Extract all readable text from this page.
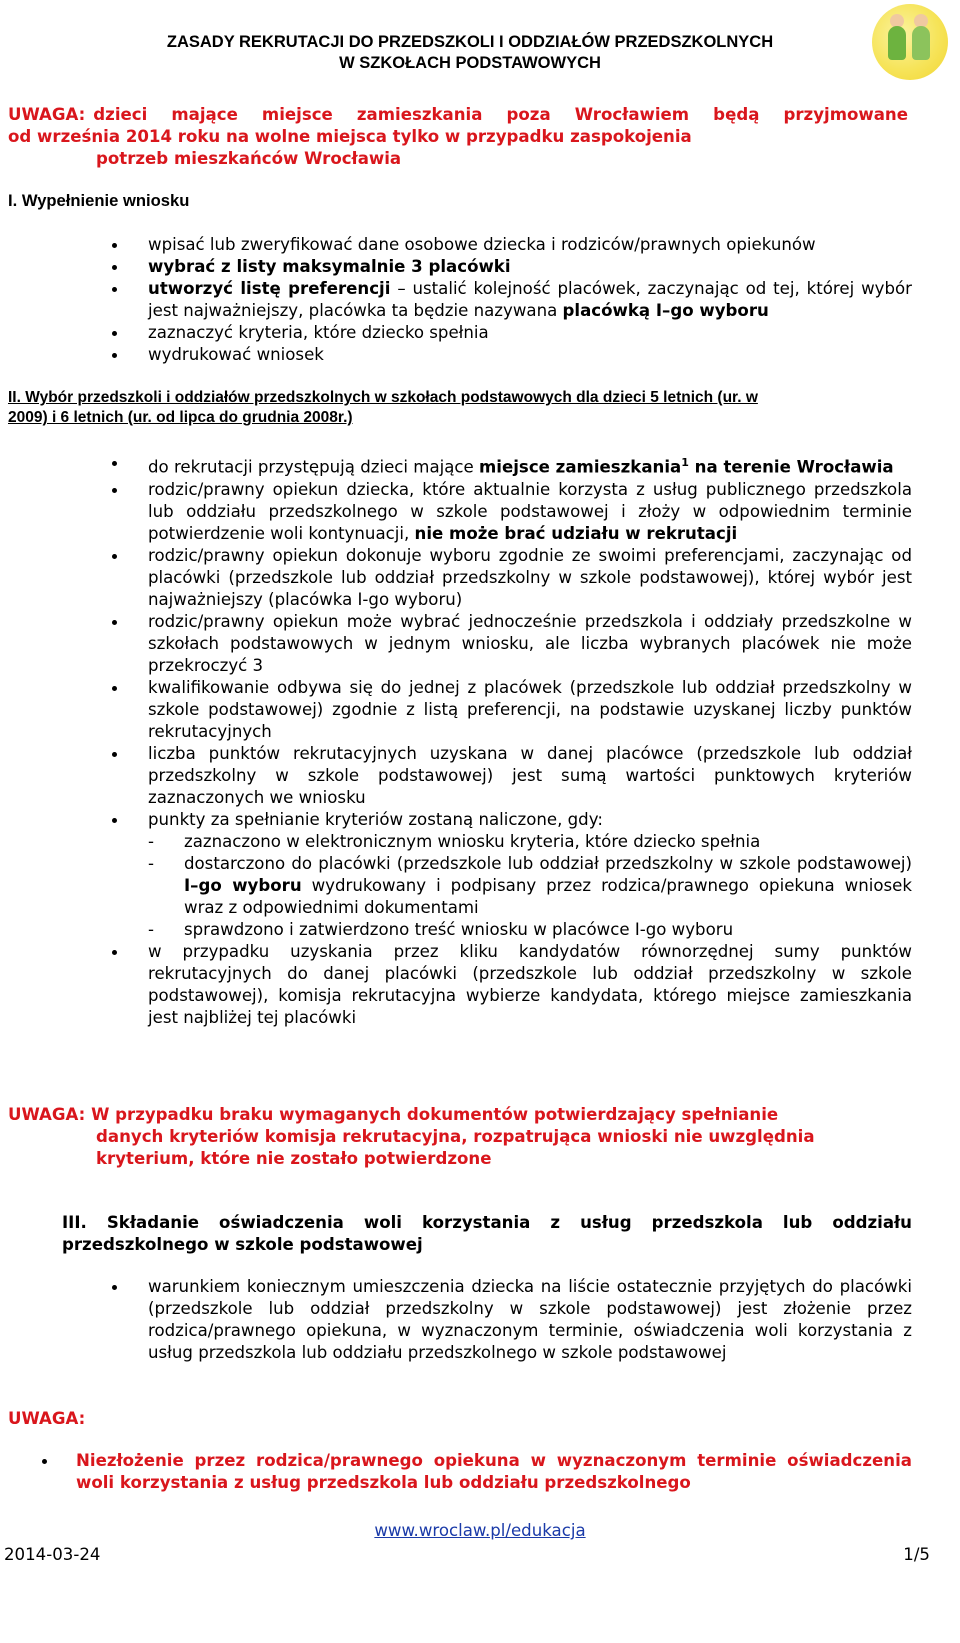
ZASADY REKRUTACJI DO PRZEDSZKOLI I ODDZIAŁÓW PRZEDSZKOLNYCH
W SZKOŁACH PODSTAWOWYCH
UWAGA: dzieci mające miejsce zamieszkania poza Wrocławiem będą przyjmowane
od września 2014 roku na wolne miejsca tylko w przypadku zaspokojenia
potrzeb mieszkańców Wrocławia
I. Wypełnienie wniosku
wpisać lub zweryfikować dane osobowe dziecka i rodziców/prawnych opiekunów
wybrać z listy maksymalnie 3 placówki
utworzyć listę preferencji – ustalić kolejność placówek, zaczynając od tej, której wybór jest najważniejszy, placówka ta będzie nazywana placówką I–go wyboru
zaznaczyć kryteria, które dziecko spełnia
wydrukować wniosek
II. Wybór przedszkoli i oddziałów przedszkolnych w szkołach podstawowych dla dzieci 5 letnich (ur. w
2009) i 6 letnich (ur. od lipca do grudnia 2008r.)
do rekrutacji przystępują dzieci mające miejsce zamieszkania$^1$ na terenie Wrocławia
rodzic/prawny opiekun dziecka, które aktualnie korzysta z usług publicznego przedszkola lub oddziału przedszkolnego w szkole podstawowej i złoży w odpowiednim terminie potwierdzenie woli kontynuacji, nie może brać udziału w rekrutacji
rodzic/prawny opiekun dokonuje wyboru zgodnie ze swoimi preferencjami, zaczynając od placówki (przedszkole lub oddział przedszkolny w szkole podstawowej), której wybór jest najważniejszy (placówka I-go wyboru)
rodzic/prawny opiekun może wybrać jednocześnie przedszkola i oddziały przedszkolne w szkołach podstawowych w jednym wniosku, ale liczba wybranych placówek nie może przekroczyć 3
kwalifikowanie odbywa się do jednej z placówek (przedszkole lub oddział przedszkolny w szkole podstawowej) zgodnie z listą preferencji, na podstawie uzyskanej liczby punktów rekrutacyjnych
liczba punktów rekrutacyjnych uzyskana w danej placówce (przedszkole lub oddział przedszkolny w szkole podstawowej) jest sumą wartości punktowych kryteriów zaznaczonych we wniosku
punkty za spełnianie kryteriów zostaną naliczone, gdy:
- zaznaczono w elektronicznym wniosku kryteria, które dziecko spełnia
- dostarczono do placówki (przedszkole lub oddział przedszkolny w szkole podstawowej) I–go wyboru wydrukowany i podpisany przez rodzica/prawnego opiekuna wniosek wraz z odpowiednimi dokumentami
- sprawdzono i zatwierdzono treść wniosku w placówce I-go wyboru
w przypadku uzyskania przez kliku kandydatów równorzędnej sumy punktów rekrutacyjnych do danej placówki (przedszkole lub oddział przedszkolny w szkole podstawowej), komisja rekrutacyjna wybierze kandydata, którego miejsce zamieszkania jest najbliżej tej placówki
UWAGA: W przypadku braku wymaganych dokumentów potwierdzający spełnianie
danych kryteriów komisja rekrutacyjna, rozpatrująca wnioski nie uwzględnia
kryterium, które nie zostało potwierdzone
III. Składanie oświadczenia woli korzystania z usług przedszkola lub oddziału przedszkolnego w szkole podstawowej
warunkiem koniecznym umieszczenia dziecka na liście ostatecznie przyjętych do placówki (przedszkole lub oddział przedszkolny w szkole podstawowej) jest złożenie przez rodzica/prawnego opiekuna, w wyznaczonym terminie, oświadczenia woli korzystania z usług przedszkola lub oddziału przedszkolnego w szkole podstawowej
UWAGA:
Niezłożenie przez rodzica/prawnego opiekuna w wyznaczonym terminie oświadczenia woli korzystania z usług przedszkola lub oddziału przedszkolnego
www.wroclaw.pl/edukacja
2014-03-24	1/5
